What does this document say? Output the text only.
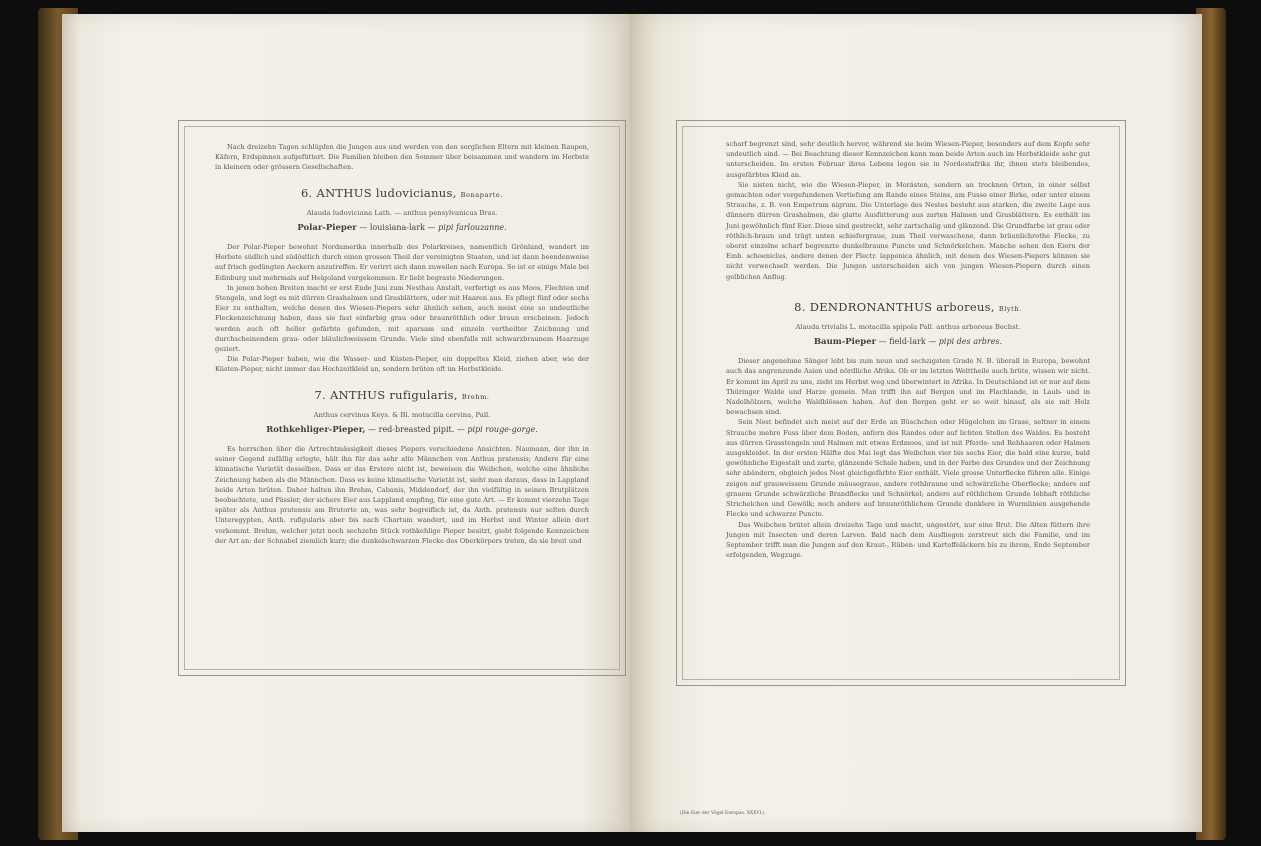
Nach dreizehn Tagen schlüpfen die Jungen aus und werden von den sorglichen Eltern mit kleinen Raupen, Käfern, Erdspinnen aufgefüttert. Die Familien bleiben den Sommer über beisammen und wandern im Herbste in kleinern oder grössern Gesellschaften.

6. ANTHUS ludovicianus, Bonaparte.
Alauda ludoviciana Lath. — anthus pensylvanicus Bras.
Polar-Pieper — louisiana-lark — pipi farlouzanne.

Der Polar-Pieper bewohnt Nordamerika innerhalb des Polarkreises, namentlich Grönland, wandert im Herbste südlich und südöstlich durch einen grossen Theil der vereinigten Staaten, und ist dann beendenweise auf frisch gedüngten Aeckern anzutreffen. Er verirrt sich dann zuweilen nach Europa. So ist er einige Male bei Edinburg und mehrmals auf Helgoland vorgekommen. Er liebt begraste Niederungen.

In jenen hohen Breiten macht er erst Ende Juni zum Nesthau Anstalt, verfertigt es aus Moos, Flechten und Stengeln, und legt es mit dürren Grashalmen und Grasblättern, oder mit Haaren aus. Es pflegt fünf oder sechs Eier zu enthalten, welche denen des Wiesen-Piepers sehr ähnlich sehen, auch meist eine so undeutliche Fleckenzeichnung haben, dass sie fast einfarbig grau oder braunröthlich oder braun erscheinen. Jedoch werden auch oft heller gefärbte gefunden, mit sparsam und einzeln vertheilter Zeichnung und durchscheinendem grau- oder bläulichweissem Grunde. Viele sind ebenfalls mit schwarzbraunem Haarzuge geziert.

Die Polar-Pieper haben, wie die Wasser- und Küsten-Pieper, ein doppeltes Kleid, ziehen aber, wie der Küsten-Pieper, nicht immer das Hochzeitkleid an, sondern brüten oft im Herbstkleide.

7. ANTHUS rufigularis, Brehm.
Anthus cervinus Keys. & Bl. motacilla cervina, Pall.
Rothkehliger-Pieper, — red-breasted pipit. — pipi rouge-gorge.

Es herrschen über die Artrechtmässigkeit dieses Piepers verschiedene Ansichten. Naumann, der ihn in seiner Gegend zufällig erlegte, hält ihn für das sehr alte Männchen von Anthus pratensis; Andere für eine klimatische Varietät desselben. Dass er das Erstere nicht ist, beweisen die Weibchen, welche eine ähnliche Zeichnung haben als die Männchen. Dass es keine klimatische Varietät ist, sieht man daraus, dass in Lappland beide Arten brüten. Daher halten ihn Brehm, Cabanis, Middendorf, der ihn vielfältig in seinen Brutplätzen beobachtete, und Pässler, der sichere Eier aus Lappland empfing, für eine gute Art. — Er kommt vierzehn Tage später als Anthus pratensis am Brutorte an, was sehr begreiflich ist, da Anth. pratensis nur selten durch Unteregypten, Anth. rufigularis aber bis nach Chartum wandert, und im Herbst und Winter allein dort vorkommt. Brehm, welcher jetzt noch sechzehn Stück rothkehlige Pieper besitzt, giebt folgende Kennzeichen der Art an: der Schnabel ziemlich kurz; die dunkelschwarzen Flecke des Oberkörpers treten, da sie breit und

scharf begrenzt sind, sehr deutlich hervor, während sie beim Wiesen-Pieper, besonders auf dem Kopfe sehr undeutlich sind. — Bei Beachtung dieser Kennzeichen kann man beide Arten auch im Herbstkleide sehr gut unterscheiden. Im ersten Februar ihres Lebens legen sie in Nordostafrika ihr, ihnen stets bleibendes, ausgefärbtes Kleid an.

Sie nisten nicht, wie die Wiesen-Pieper, in Morästen, sondern an trocknen Orten, in einer selbst gemachten oder vorgefundenen Vertiefung am Rande eines Steins, am Fusse einer Birke, oder unter einem Strauche, z. B. von Empetrum nigrum. Die Unterlage des Nestes besteht aus starken, die zweite Lage aus dünnern dürren Grashalmen, die glatte Ausfütterung aus zarten Halmen und Grasblättern. Es enthält im Juni gewöhnlich fünf Eier. Diese sind gestreckt, sehr zartschalig und glänzend. Die Grundfarbe ist grau oder röthlich-braun und trägt unten schiefergraue, zum Theil verwaschene, dann bräunlichrothe Flecke, zu oberst einzelne scharf begrenzte dunkelbraune Puncte und Schnörkelchen. Manche sehen den Eiern der Emb. schoeniclus, andere denen der Plectr. lapponica ähnlich, mit denen des Wiesen-Piepers können sie nicht verwechselt werden. Die Jungen unterscheiden sich von jungen Wiesen-Piepern durch einen gelblichen Anflug.

8. DENDRONANTHUS arboreus, Blyth.
Alauda trivialis L. motacilla spipola Pall. anthus arboreus Bechst.
Baum-Pieper — field-lark — pipi des arbres.

Dieser angenehme Sänger lebt bis zum neun und sechzigsten Grade N. B. überall in Europa, bewohnt auch das angrenzende Asien und nördliche Afrika. Ob er im letzten Welttheile auch brüte, wissen wir nicht. Er kommt im April zu uns, zieht im Herbst weg und überwintert in Afrika. In Deutschland ist er nur auf dem Thüringer Walde und Harze gemein. Man trifft ihn auf Bergen und im Flachlande, in Laub- und in Nadelhölzern, welche Waldblössen haben. Auf den Bergen geht er so weit hinauf, als sie mit Holz bewachsen sind.

Sein Nest befindet sich meist auf der Erde an Büschchen oder Hügelchen im Grase, seltner in einem Strauche mehre Fuss über dem Boden, anfern des Randes oder auf lichten Stellen des Waldes. Es besteht aus dürren Grasstengeln und Halmen mit etwas Erdmoos, und ist mit Pferde- und Rehhaaren oder Halmen ausgekleidet. In der ersten Hälfte des Mai legt das Weibchen vier bis sechs Eier, die bald eine kurze, bald gewöhnliche Eigestalt und zarte, glänzende Schale haben, und in der Farbe des Grundes und der Zeichnung sehr abändern, obgleich jedes Nest gleichgefärbte Eier enthält. Viele grosse Unterflecke führen alle. Einige zeigen auf grauweissem Grunde mäusegraue, andere rothbraune und schwärzliche Oberflecke; andere auf grauem Grunde schwärzliche Brandflecke und Schnörkel; andere auf röthlichem Grunde lebhaft röthliche Strichelchen und Gewölk; noch andere auf braunröthlichem Grunde dunklere in Wurmlinien ausgehende Flecke und schwarze Puncte.

Das Weibchen brütet allein dreizehn Tage und macht, ungestört, nur eine Brut. Die Alten füttern ihre Jungen mit Insecten und deren Larven. Bald nach dem Ausfliegen zerstreut sich die Familie, und im September trifft man die Jungen auf den Kraut-, Rüben- und Kartoffeläckern bis zu ihrem, Ende September erfolgenden, Wegzuge.

(Die Eier der Vögel Europas. XXXVI.)
